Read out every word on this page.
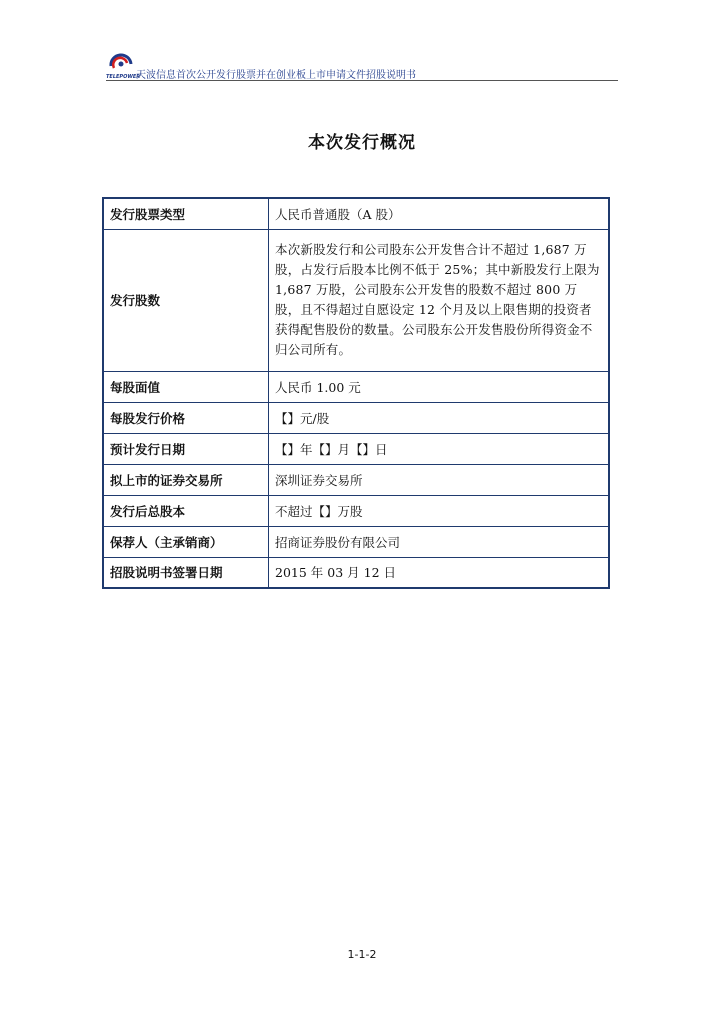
TELEPOWER
天波信息首次公开发行股票并在创业板上市申请文件招股说明书
本次发行概况
发行股票类型	人民币普通股（A 股）
发行股数	本次新股发行和公司股东公开发售合计不超过 1,687 万股，占发行后股本比例不低于 25%；其中新股发行上限为 1,687 万股，公司股东公开发售的股数不超过 800 万股，且不得超过自愿设定 12 个月及以上限售期的投资者获得配售股份的数量。公司股东公开发售股份所得资金不归公司所有。
每股面值	人民币 1.00 元
每股发行价格	【】元/股
预计发行日期	【】年【】月【】日
拟上市的证券交易所	深圳证券交易所
发行后总股本	不超过【】万股
保荐人（主承销商）	招商证券股份有限公司
招股说明书签署日期	2015 年 03 月 12 日
1-1-2
